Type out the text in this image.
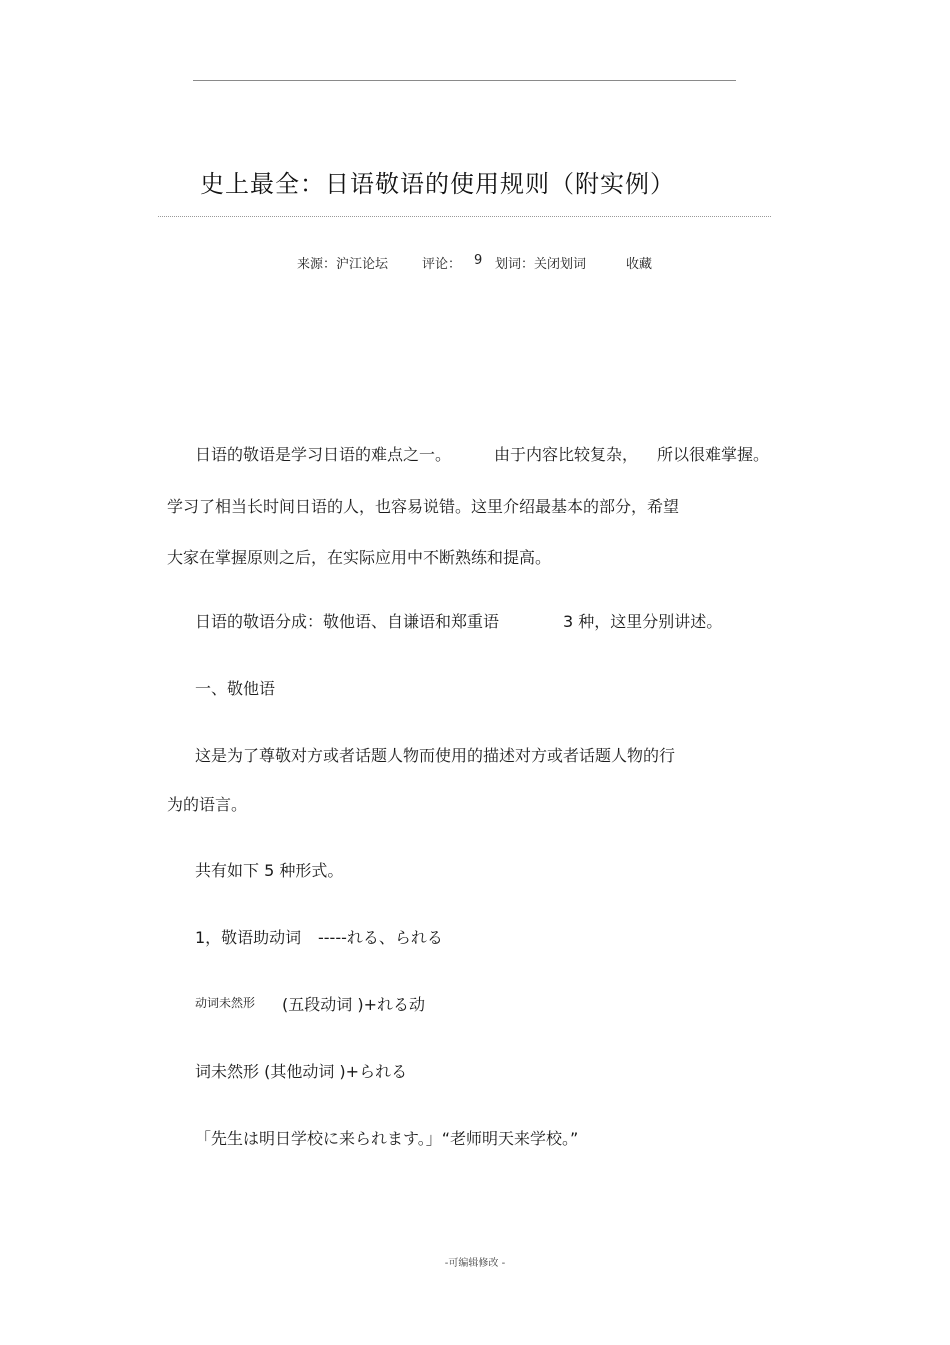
史上最全：日语敬语的使用规则（附实例）
来源：沪江论坛	评论： 9 划词：关闭划词	收藏
日语的敬语是学习日语的难点之一。	由于内容比较复杂， 所以很难掌握。
学习了相当长时间日语的人，也容易说错。这里介绍最基本的部分，希望
大家在掌握原则之后，在实际应用中不断熟练和提高。
日语的敬语分成：敬他语、自谦语和郑重语	3 种，这里分别讲述。
一、敬他语
这是为了尊敬对方或者话题人物而使用的描述对方或者话题人物的行
为的语言。
共有如下 5 种形式。
1，敬语助动词 -----れる、られる
动词未然形 (五段动词 )+れる动
词未然形 (其他动词 )+られる
「先生は明日学校に来られます。」“老师明天来学校。”
-可编辑修改 -
